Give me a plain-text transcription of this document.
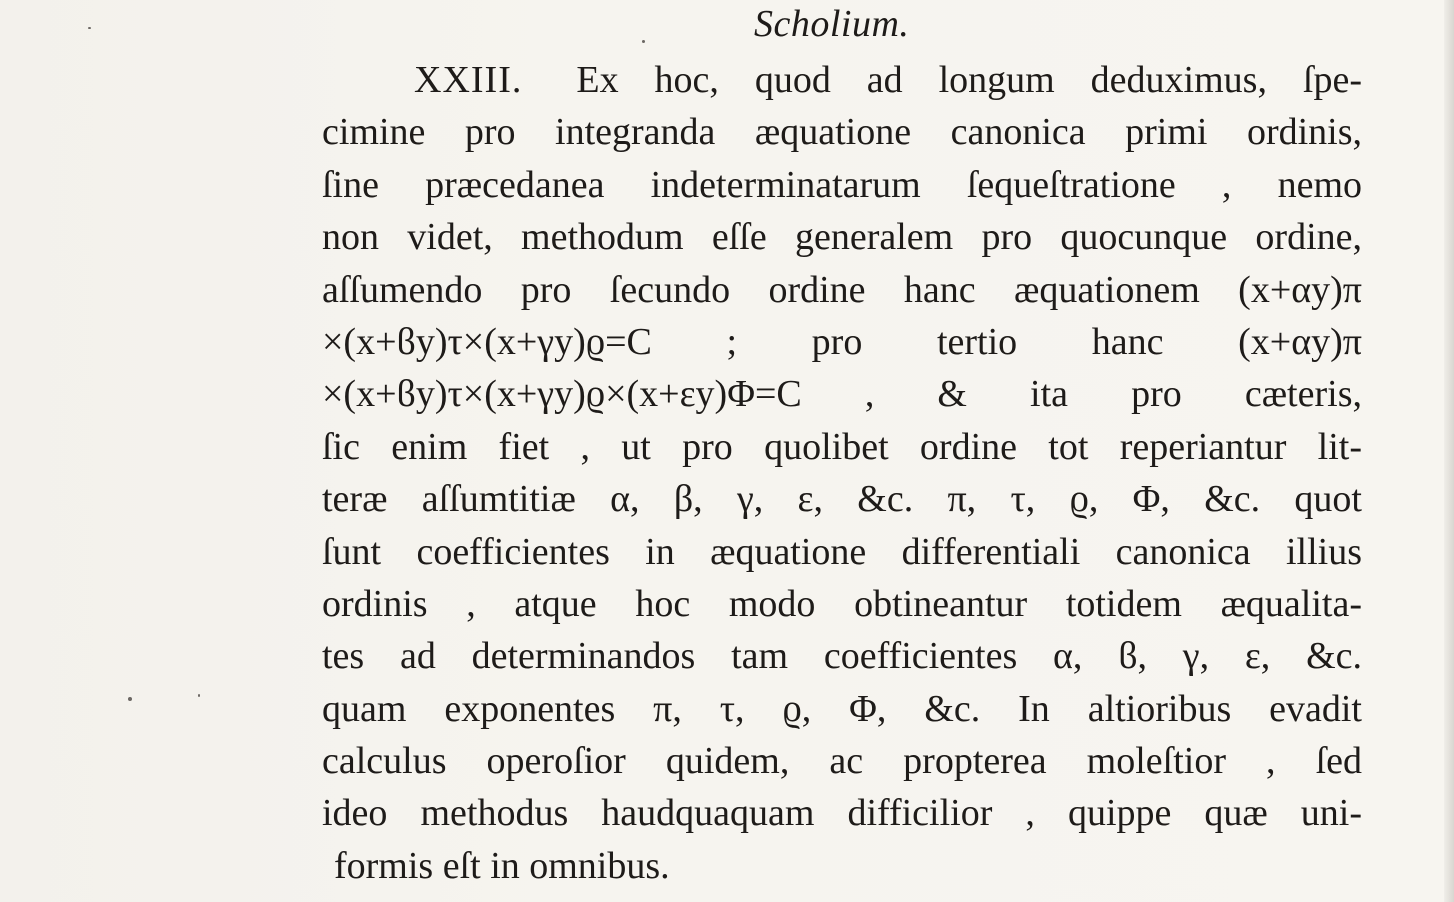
Scholium.
XXIII. Ex hoc, quod ad longum deduximus, ſpe-
cimine pro integranda æquatione canonica primi ordinis,
ſine præcedanea indeterminatarum ſequeſtratione , nemo
non videt, methodum eſſe generalem pro quocunque ordine,
aſſumendo pro ſecundo ordine hanc æquationem (x+αy)π
×(x+ϐy)τ×(x+γy)ϱ=C ; pro tertio hanc (x+αy)π
×(x+ϐy)τ×(x+γy)ϱ×(x+εy)Φ=C , & ita pro cæteris,
ſic enim fiet , ut pro quolibet ordine tot reperiantur lit-
teræ aſſumtitiæ α, β, γ, ε, &c. π, τ, ϱ, Φ, &c. quot
ſunt coefficientes in æquatione differentiali canonica illius
ordinis , atque hoc modo obtineantur totidem æqualita-
tes ad determinandos tam coefficientes α, ϐ, γ, ε, &c.
quam exponentes π, τ, ϱ, Φ, &c. In altioribus evadit
calculus operoſior quidem, ac propterea moleſtior , ſed
ideo methodus haudquaquam difficilior , quippe quæ uni-
formis eſt in omnibus.
